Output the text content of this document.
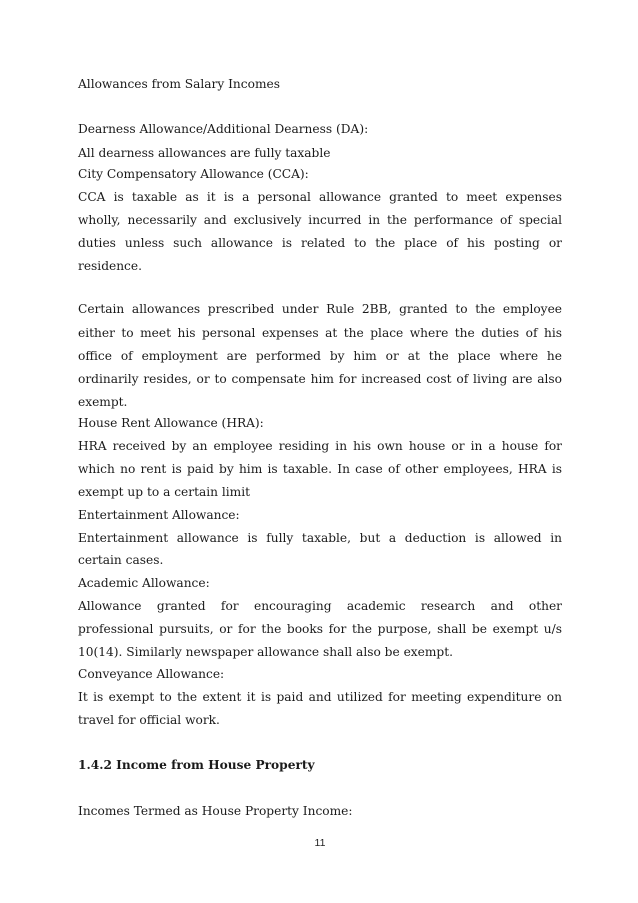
Allowances from Salary Incomes
Dearness Allowance/Additional Dearness (DA):
All dearness allowances are fully taxable
City Compensatory Allowance (CCA):
CCA is taxable as it is a personal allowance granted to meet expenses
wholly, necessarily and exclusively incurred in the performance of special
duties unless such allowance is related to the place of his posting or
residence.
Certain allowances prescribed under Rule 2BB, granted to the employee
either to meet his personal expenses at the place where the duties of his
office of employment are performed by him or at the place where he
ordinarily resides, or to compensate him for increased cost of living are also
exempt.
House Rent Allowance (HRA):
HRA received by an employee residing in his own house or in a house for
which no rent is paid by him is taxable. In case of other employees, HRA is
exempt up to a certain limit
Entertainment Allowance:
Entertainment allowance is fully taxable, but a deduction is allowed in
certain cases.
Academic Allowance:
Allowance granted for encouraging academic research and other
professional pursuits, or for the books for the purpose, shall be exempt u/s
10(14). Similarly newspaper allowance shall also be exempt.
Conveyance Allowance:
It is exempt to the extent it is paid and utilized for meeting expenditure on
travel for official work.
1.4.2 Income from House Property
Incomes Termed as House Property Income:
11
